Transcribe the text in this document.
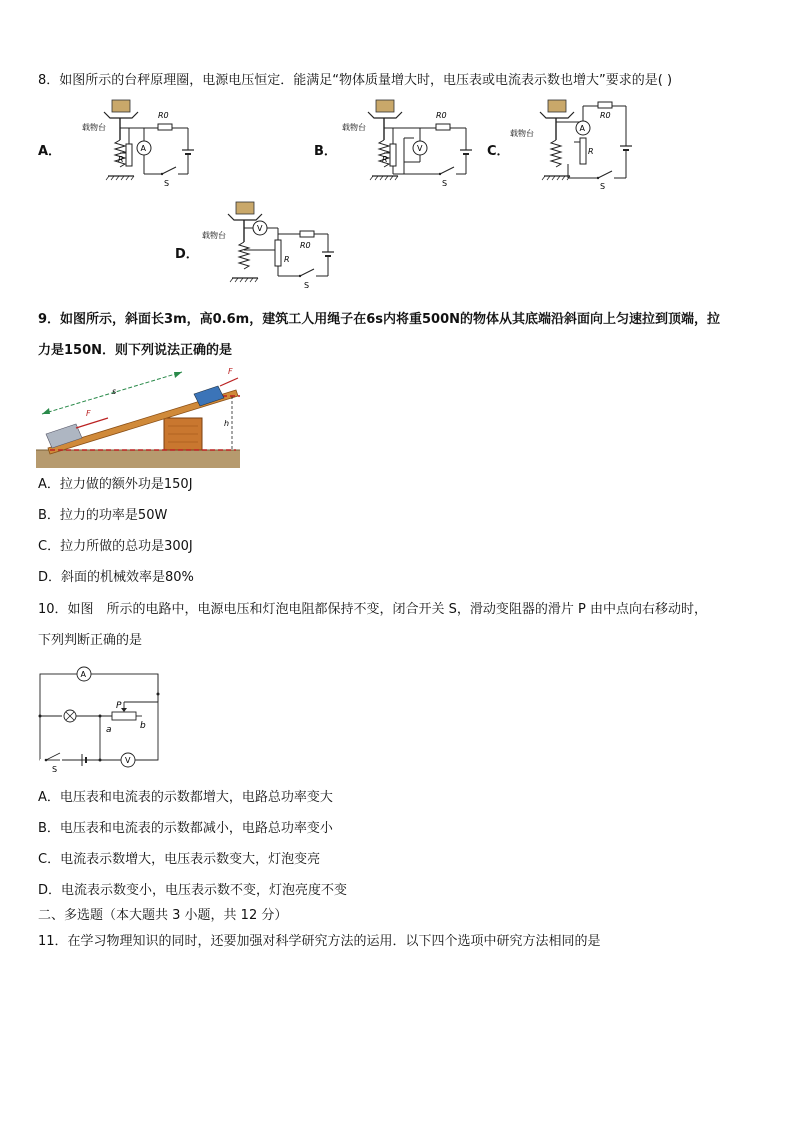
8．如图所示的台秤原理圈，电源电压恒定．能满足“物体质量增大时，电压表或电流表示数也增大”要求的是( )
A．
载物台
R
A
R0
S
B．
载物台
R
V
R0
S
C．
载物台
R
A
R0
S
D．
载物台
V
R
R0
S
9．如图所示，斜面长3m，高0.6m，建筑工人用绳子在6s内将重500N的物体从其底端沿斜面向上匀速拉到顶端，拉
力是150N．则下列说法正确的是
h
s
F
F
A．拉力做的额外功是150J
B．拉力的功率是50W
C．拉力所做的总功是300J
D．斜面的机械效率是80%
10．如图　所示的电路中，电源电压和灯泡电阻都保持不变，闭合开关 S，滑动变阻器的滑片 P 由中点向右移动时，
下列判断正确的是
A
P
a	b
S
V
A．电压表和电流表的示数都增大，电路总功率变大
B．电压表和电流表的示数都减小，电路总功率变小
C．电流表示数增大，电压表示数变大，灯泡变亮
D．电流表示数变小，电压表示数不变，灯泡亮度不变
二、多选题（本大题共 3 小题，共 12 分）
11．在学习物理知识的同时，还要加强对科学研究方法的运用．以下四个选项中研究方法相同的是
